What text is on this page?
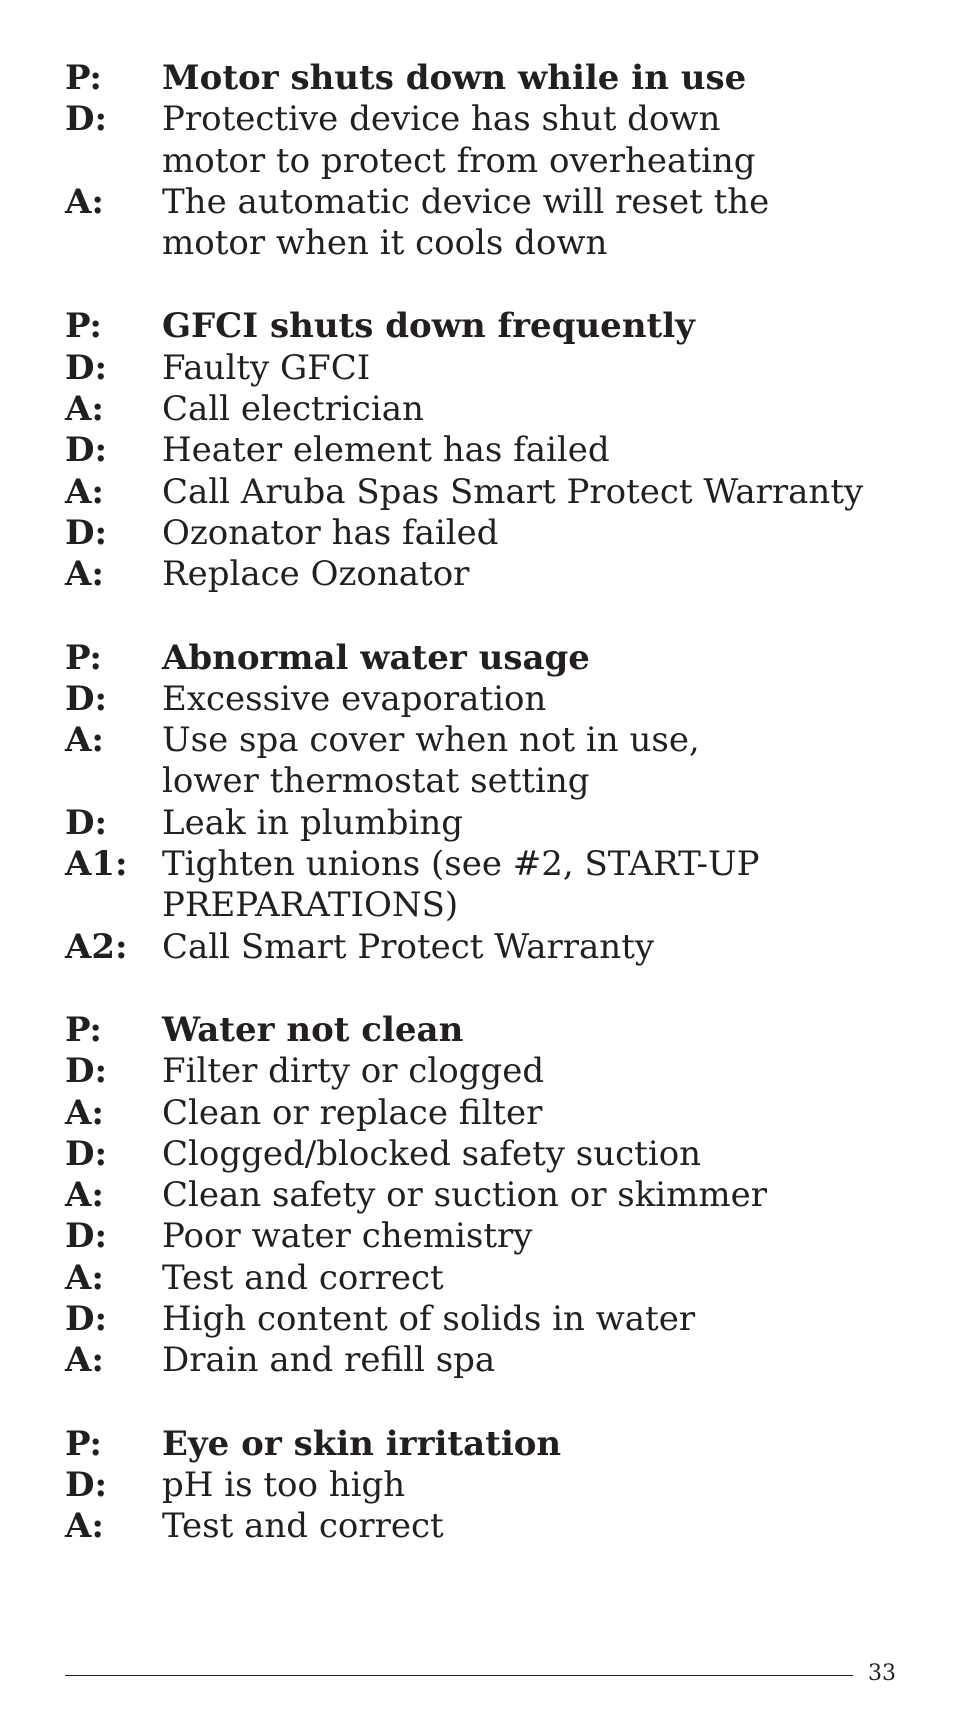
P:	Motor shuts down while in use
D:	Protective device has shut down
motor to protect from overheating
A:	The automatic device will reset the
motor when it cools down
P:	GFCI shuts down frequently
D:	Faulty GFCI
A:	Call electrician
D:	Heater element has failed
A:	Call Aruba Spas Smart Protect Warranty
D:	Ozonator has failed
A:	Replace Ozonator
P:	Abnormal water usage
D:	Excessive evaporation
A:	Use spa cover when not in use,
lower thermostat setting
D:	Leak in plumbing
A1:	Tighten unions (see #2, START-UP
PREPARATIONS)
A2:	Call Smart Protect Warranty
P:	Water not clean
D:	Filter dirty or clogged
A:	Clean or replace filter
D:	Clogged/blocked safety suction
A:	Clean safety or suction or skimmer
D:	Poor water chemistry
A:	Test and correct
D:	High content of solids in water
A:	Drain and refill spa
P:	Eye or skin irritation
D:	pH is too high
A:	Test and correct
33
